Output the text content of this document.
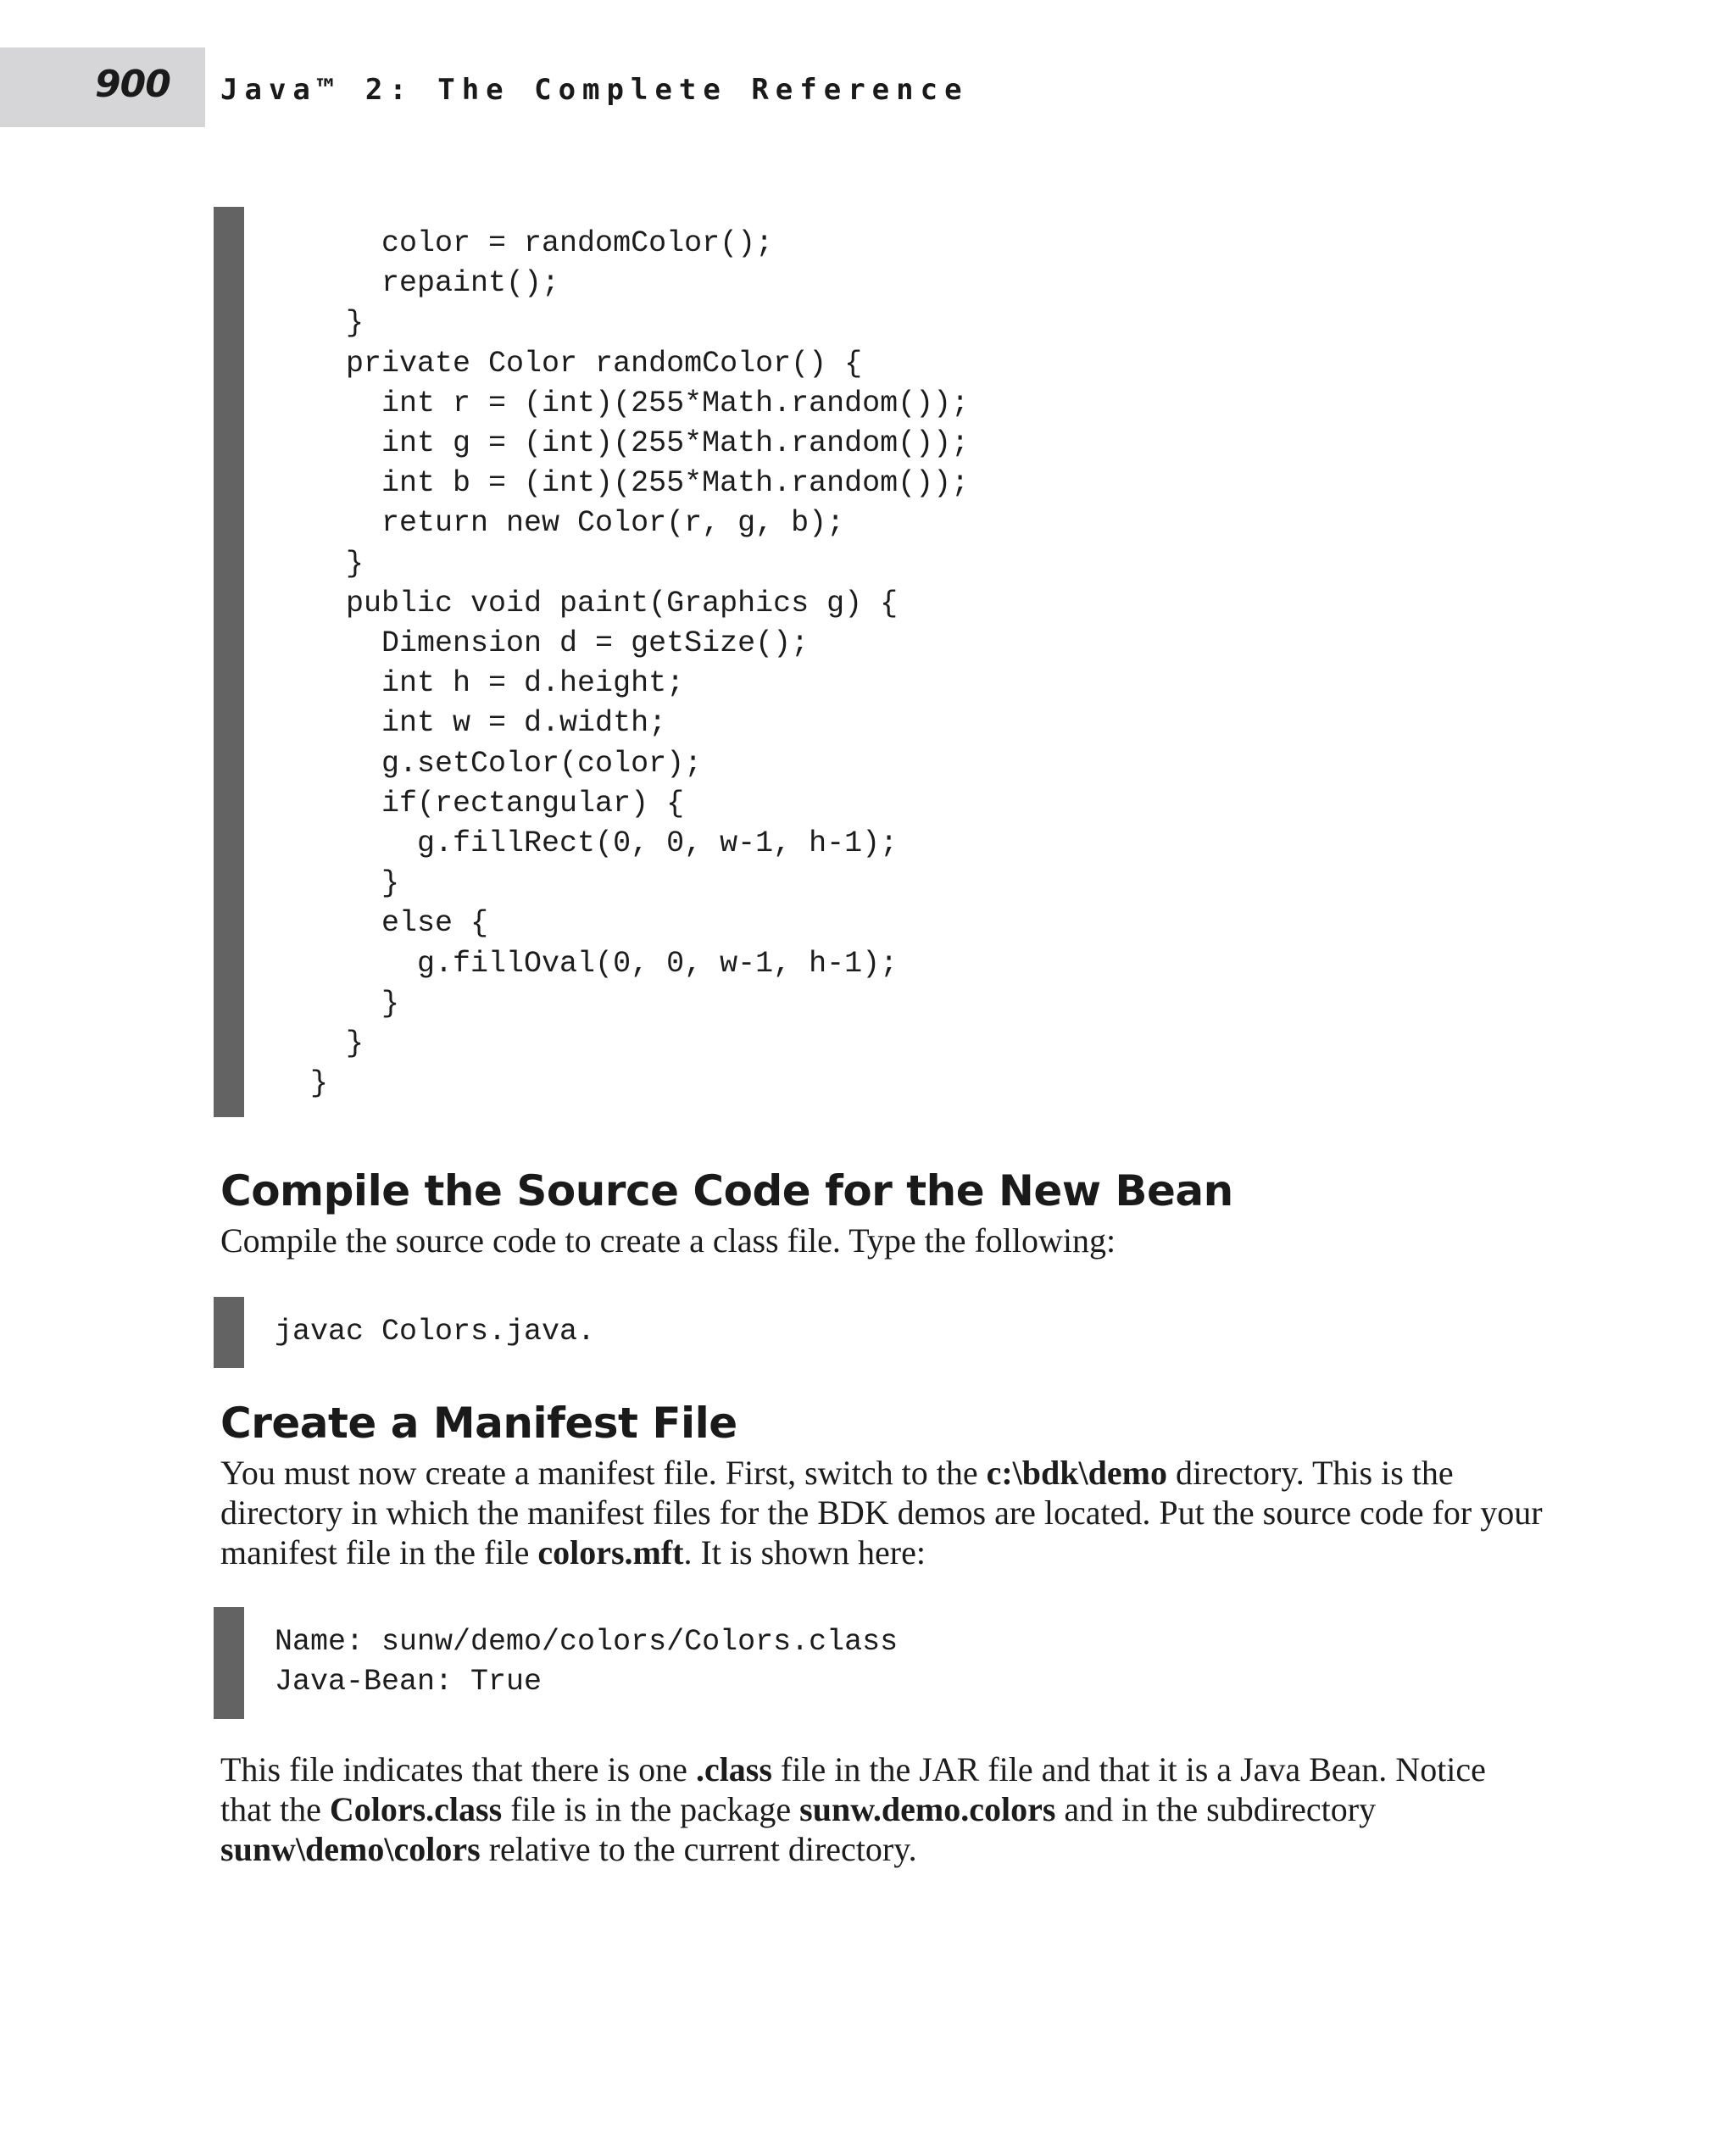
900 Java™ 2: The Complete Reference
color = randomColor();
repaint();
}
private Color randomColor() {
int r = (int)(255*Math.random());
int g = (int)(255*Math.random());
int b = (int)(255*Math.random());
return new Color(r, g, b);
}
public void paint(Graphics g) {
Dimension d = getSize();
int h = d.height;
int w = d.width;
g.setColor(color);
if(rectangular) {
g.fillRect(0, 0, w-1, h-1);
}
else {
g.fillOval(0, 0, w-1, h-1);
}
}
}
Compile the Source Code for the New Bean

Compile the source code to create a class file. Type the following:

javac Colors.java.
Create a Manifest File

You must now create a manifest file. First, switch to the c:\bdk\demo directory. This is the directory in which the manifest files for the BDK demos are located. Put the source code for your manifest file in the file colors.mft. It is shown here:

Name: sunw/demo/colors/Colors.class
Java-Bean: True

This file indicates that there is one .class file in the JAR file and that it is a Java Bean. Notice that the Colors.class file is in the package sunw.demo.colors and in the subdirectory sunw\demo\colors relative to the current directory.
